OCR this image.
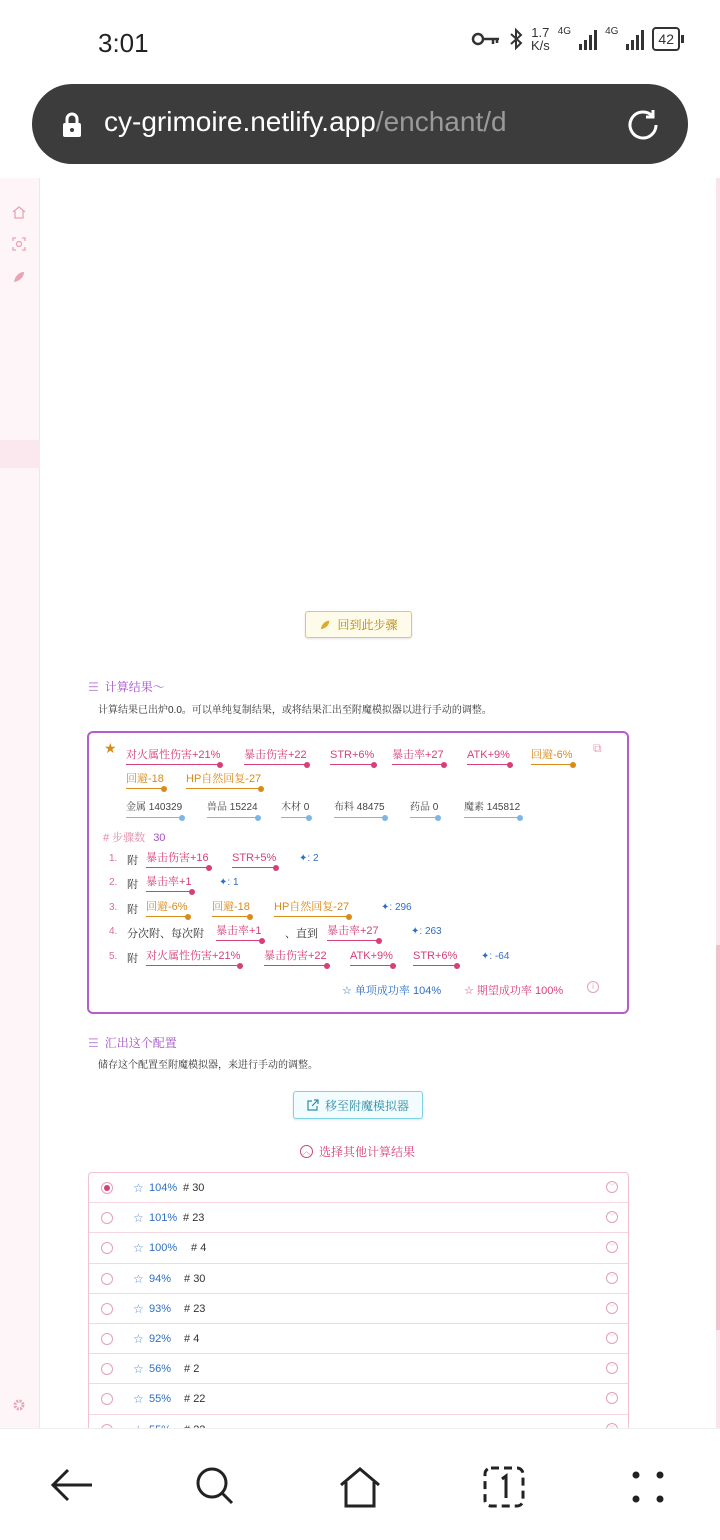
3:01	1.7
K/s
4G	4G	42
cy-grimoire.netlify.app/enchant/d
回到此步骤
☰ 计算结果～
计算结果已出炉0.0。可以单纯复制结果，或将结果汇出至附魔模拟器以进行手动的调整。
★	⧉
对火属性伤害+21% 暴击伤害+22 STR+6% 暴击率+27 ATK+9% 回避-6%
回避-18 HP自然回复-27
金属 140329 兽品 15224 木材 0 布料 48475	药品 0	魔素 145812
# 步骤数 30
1. 附 暴击伤害+16 STR+5% ✦: 2
2. 附 暴击率+1	✦: 1
3. 附 回避-6% 回避-18 HP自然回复-27	✦: 296
4. 分次附、每次附 暴击率+1 、直到 暴击率+27	✦: 263
5. 附 对火属性伤害+21% 暴击伤害+22 ATK+9% STR+6% ✦: -64
☆ 单项成功率 104% ☆ 期望成功率 100%	i
☰ 汇出这个配置
储存这个配置至附魔模拟器，来进行手动的调整。
移至附魔模拟器
︿ 选择其他计算结果
☆ 104% # 30	﹀
☆ 101% # 23	﹀
☆ 100% # 4	﹀
☆ 94% # 30	﹀
☆ 93% # 23	﹀
☆ 92% # 4	﹀
☆ 56% # 2	﹀
☆ 55% # 22	﹀
